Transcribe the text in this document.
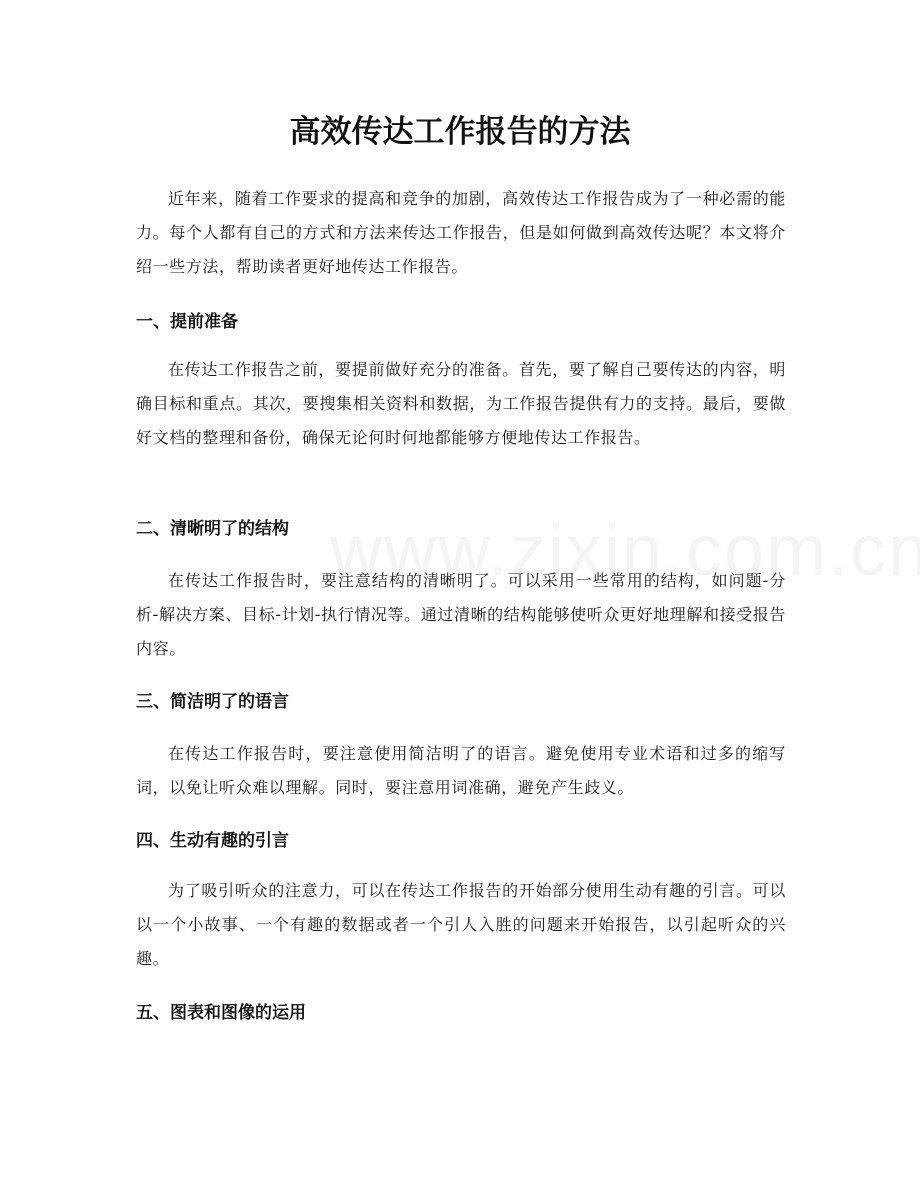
高效传达工作报告的方法

近年来，随着工作要求的提高和竞争的加剧，高效传达工作报告成为了一种必需的能力。每个人都有自己的方式和方法来传达工作报告，但是如何做到高效传达呢？本文将介绍一些方法，帮助读者更好地传达工作报告。

一、提前准备

在传达工作报告之前，要提前做好充分的准备。首先，要了解自己要传达的内容，明确目标和重点。其次，要搜集相关资料和数据，为工作报告提供有力的支持。最后，要做好文档的整理和备份，确保无论何时何地都能够方便地传达工作报告。

二、清晰明了的结构

在传达工作报告时，要注意结构的清晰明了。可以采用一些常用的结构，如问题-分析-解决方案、目标-计划-执行情况等。通过清晰的结构能够使听众更好地理解和接受报告内容。

三、简洁明了的语言

在传达工作报告时，要注意使用简洁明了的语言。避免使用专业术语和过多的缩写词，以免让听众难以理解。同时，要注意用词准确，避免产生歧义。

四、生动有趣的引言

为了吸引听众的注意力，可以在传达工作报告的开始部分使用生动有趣的引言。可以以一个小故事、一个有趣的数据或者一个引人入胜的问题来开始报告，以引起听众的兴趣。

五、图表和图像的运用
